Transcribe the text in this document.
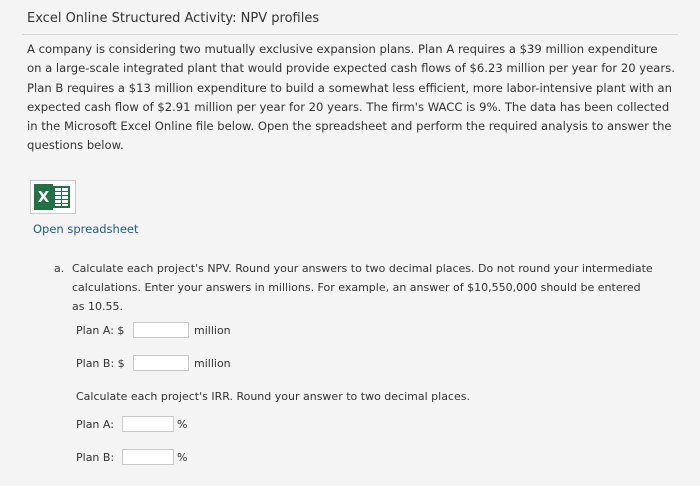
Excel Online Structured Activity: NPV profiles
A company is considering two mutually exclusive expansion plans. Plan A requires a $39 million expenditure on a large-scale integrated plant that would provide expected cash flows of $6.23 million per year for 20 years. Plan B requires a $13 million expenditure to build a somewhat less efficient, more labor-intensive plant with an expected cash flow of $2.91 million per year for 20 years. The firm's WACC is 9%. The data has been collected in the Microsoft Excel Online file below. Open the spreadsheet and perform the required analysis to answer the questions below.
X
Open spreadsheet
a. Calculate each project's NPV. Round your answers to two decimal places. Do not round your intermediate calculations. Enter your answers in millions. For example, an answer of $10,550,000 should be entered as 10.55.
Plan A: $	million
Plan B: $	million
Calculate each project's IRR. Round your answer to two decimal places.
Plan A:	%
Plan B:	%
